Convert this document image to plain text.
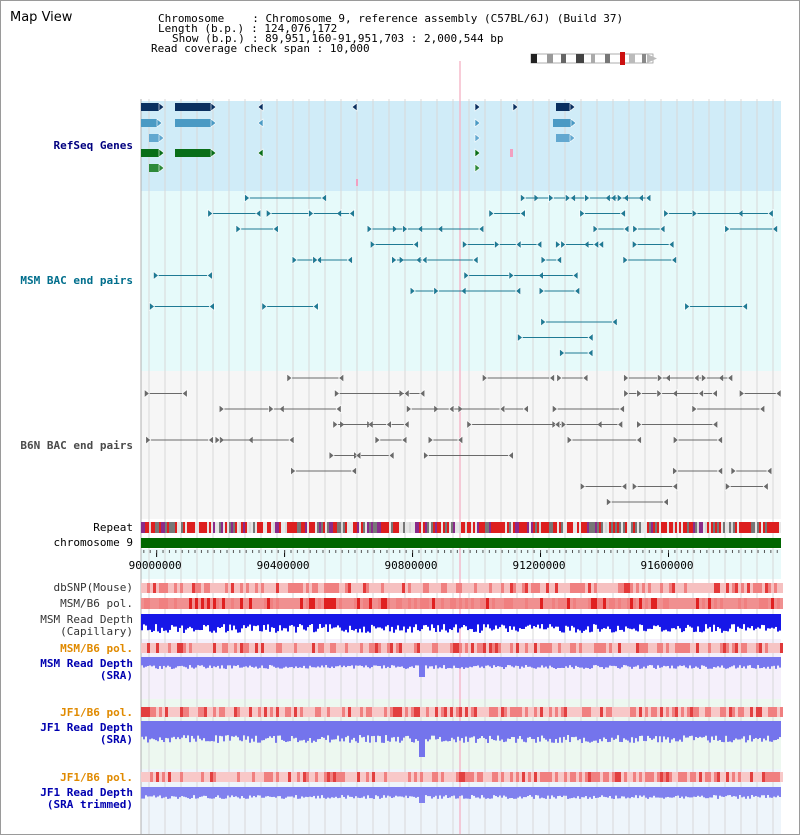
Map View	Chromosome	: Chromosome 9, reference assembly (C57BL/6J) (Build 37)
Length (b.p.) : 124,076,172
Show (b.p.) : 89,951,160-91,951,703 : 2,000,544 bp
Read coverage check span : 10,000
RefSeq Genes
MSM BAC end pairs
B6N BAC end pairs
Repeat
chromosome 9
dbSNP(Mouse)
MSM/B6 pol.
MSM Read Depth
(Capillary)
MSM/B6 pol.
MSM Read Depth
(SRA)
JF1/B6 pol.
JF1 Read Depth
(SRA)
JF1/B6 pol.
JF1 Read Depth
(SRA trimmed)
90000000	90400000	90800000	91200000	91600000
